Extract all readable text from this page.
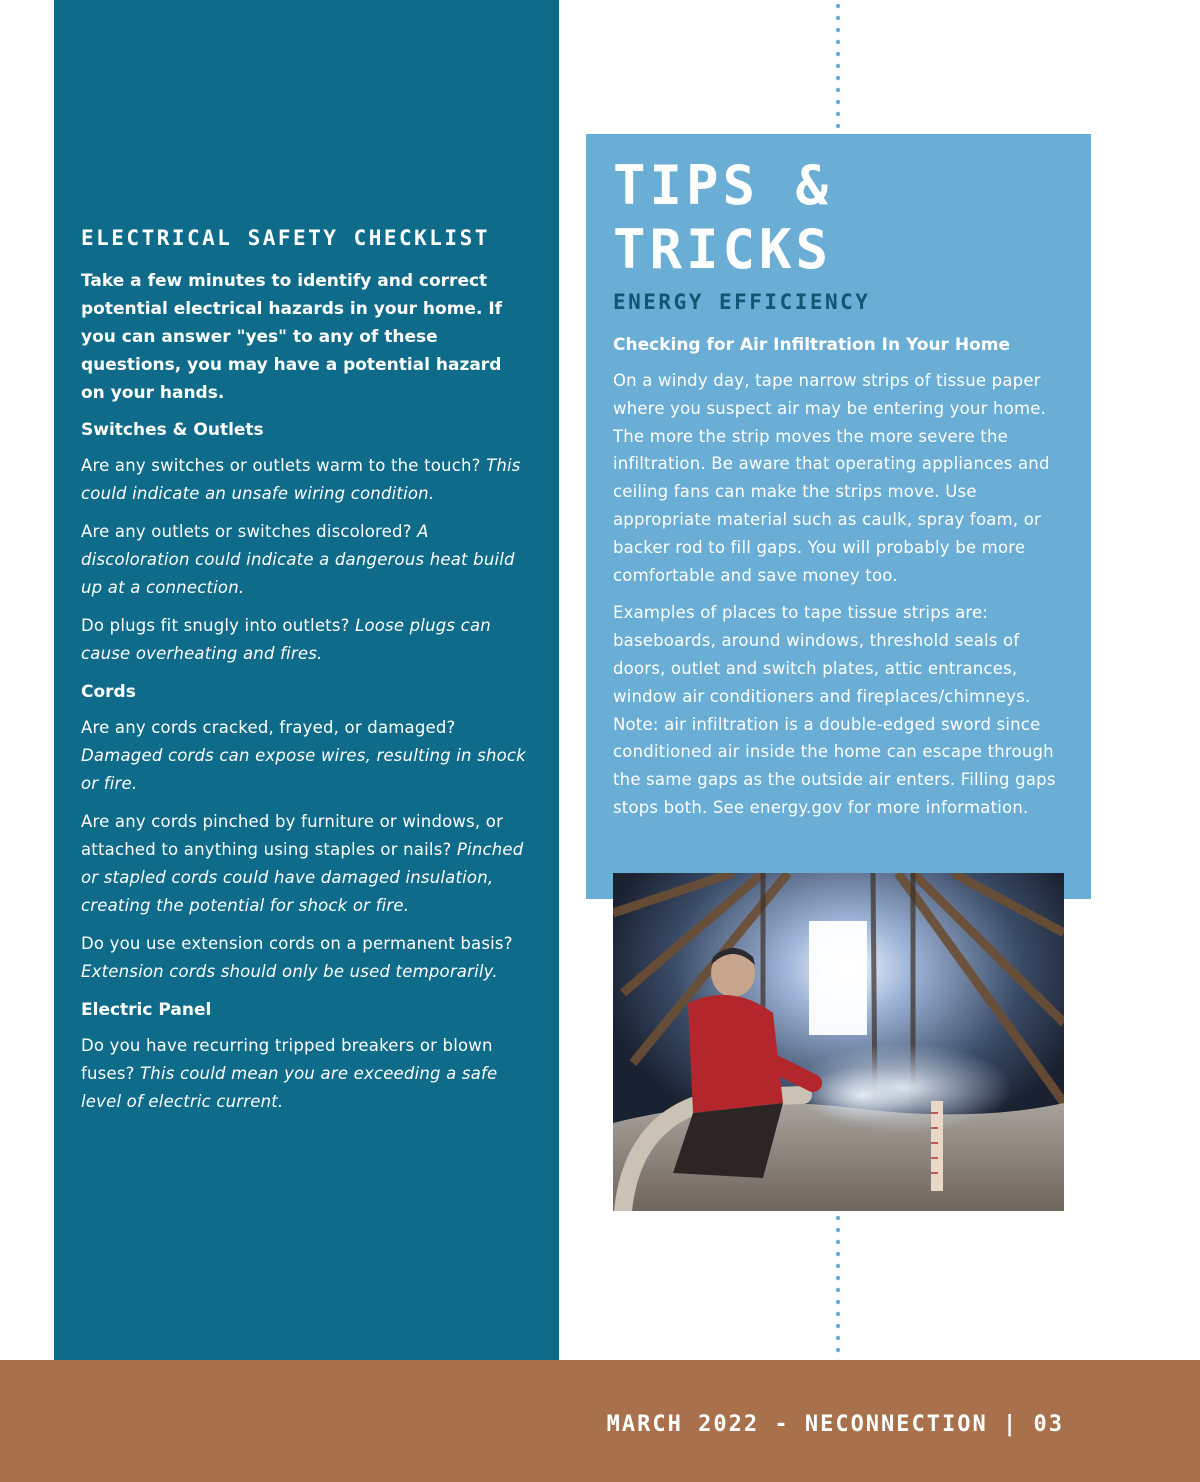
ELECTRICAL SAFETY CHECKLIST

Take a few minutes to identify and correct potential electrical hazards in your home. If you can answer "yes" to any of these questions, you may have a potential hazard on your hands.

Switches & Outlets

Are any switches or outlets warm to the touch? This could indicate an unsafe wiring condition.

Are any outlets or switches discolored? A discoloration could indicate a dangerous heat build up at a connection.

Do plugs fit snugly into outlets? Loose plugs can cause overheating and fires.

Cords

Are any cords cracked, frayed, or damaged? Damaged cords can expose wires, resulting in shock or fire.

Are any cords pinched by furniture or windows, or attached to anything using staples or nails? Pinched or stapled cords could have damaged insulation, creating the potential for shock or fire.

Do you use extension cords on a permanent basis? Extension cords should only be used temporarily.

Electric Panel

Do you have recurring tripped breakers or blown fuses? This could mean you are exceeding a safe level of electric current.

TIPS & TRICKS
ENERGY EFFICIENCY
Checking for Air Infiltration In Your Home

On a windy day, tape narrow strips of tissue paper where you suspect air may be entering your home. The more the strip moves the more severe the infiltration. Be aware that operating appliances and ceiling fans can make the strips move. Use appropriate material such as caulk, spray foam, or backer rod to fill gaps. You will probably be more comfortable and save money too.

Examples of places to tape tissue strips are: baseboards, around windows, threshold seals of doors, outlet and switch plates, attic entrances, window air conditioners and fireplaces/chimneys. Note: air infiltration is a double-edged sword since conditioned air inside the home can escape through the same gaps as the outside air enters. Filling gaps stops both. See energy.gov for more information.

MARCH 2022 - NECONNECTION | 03
